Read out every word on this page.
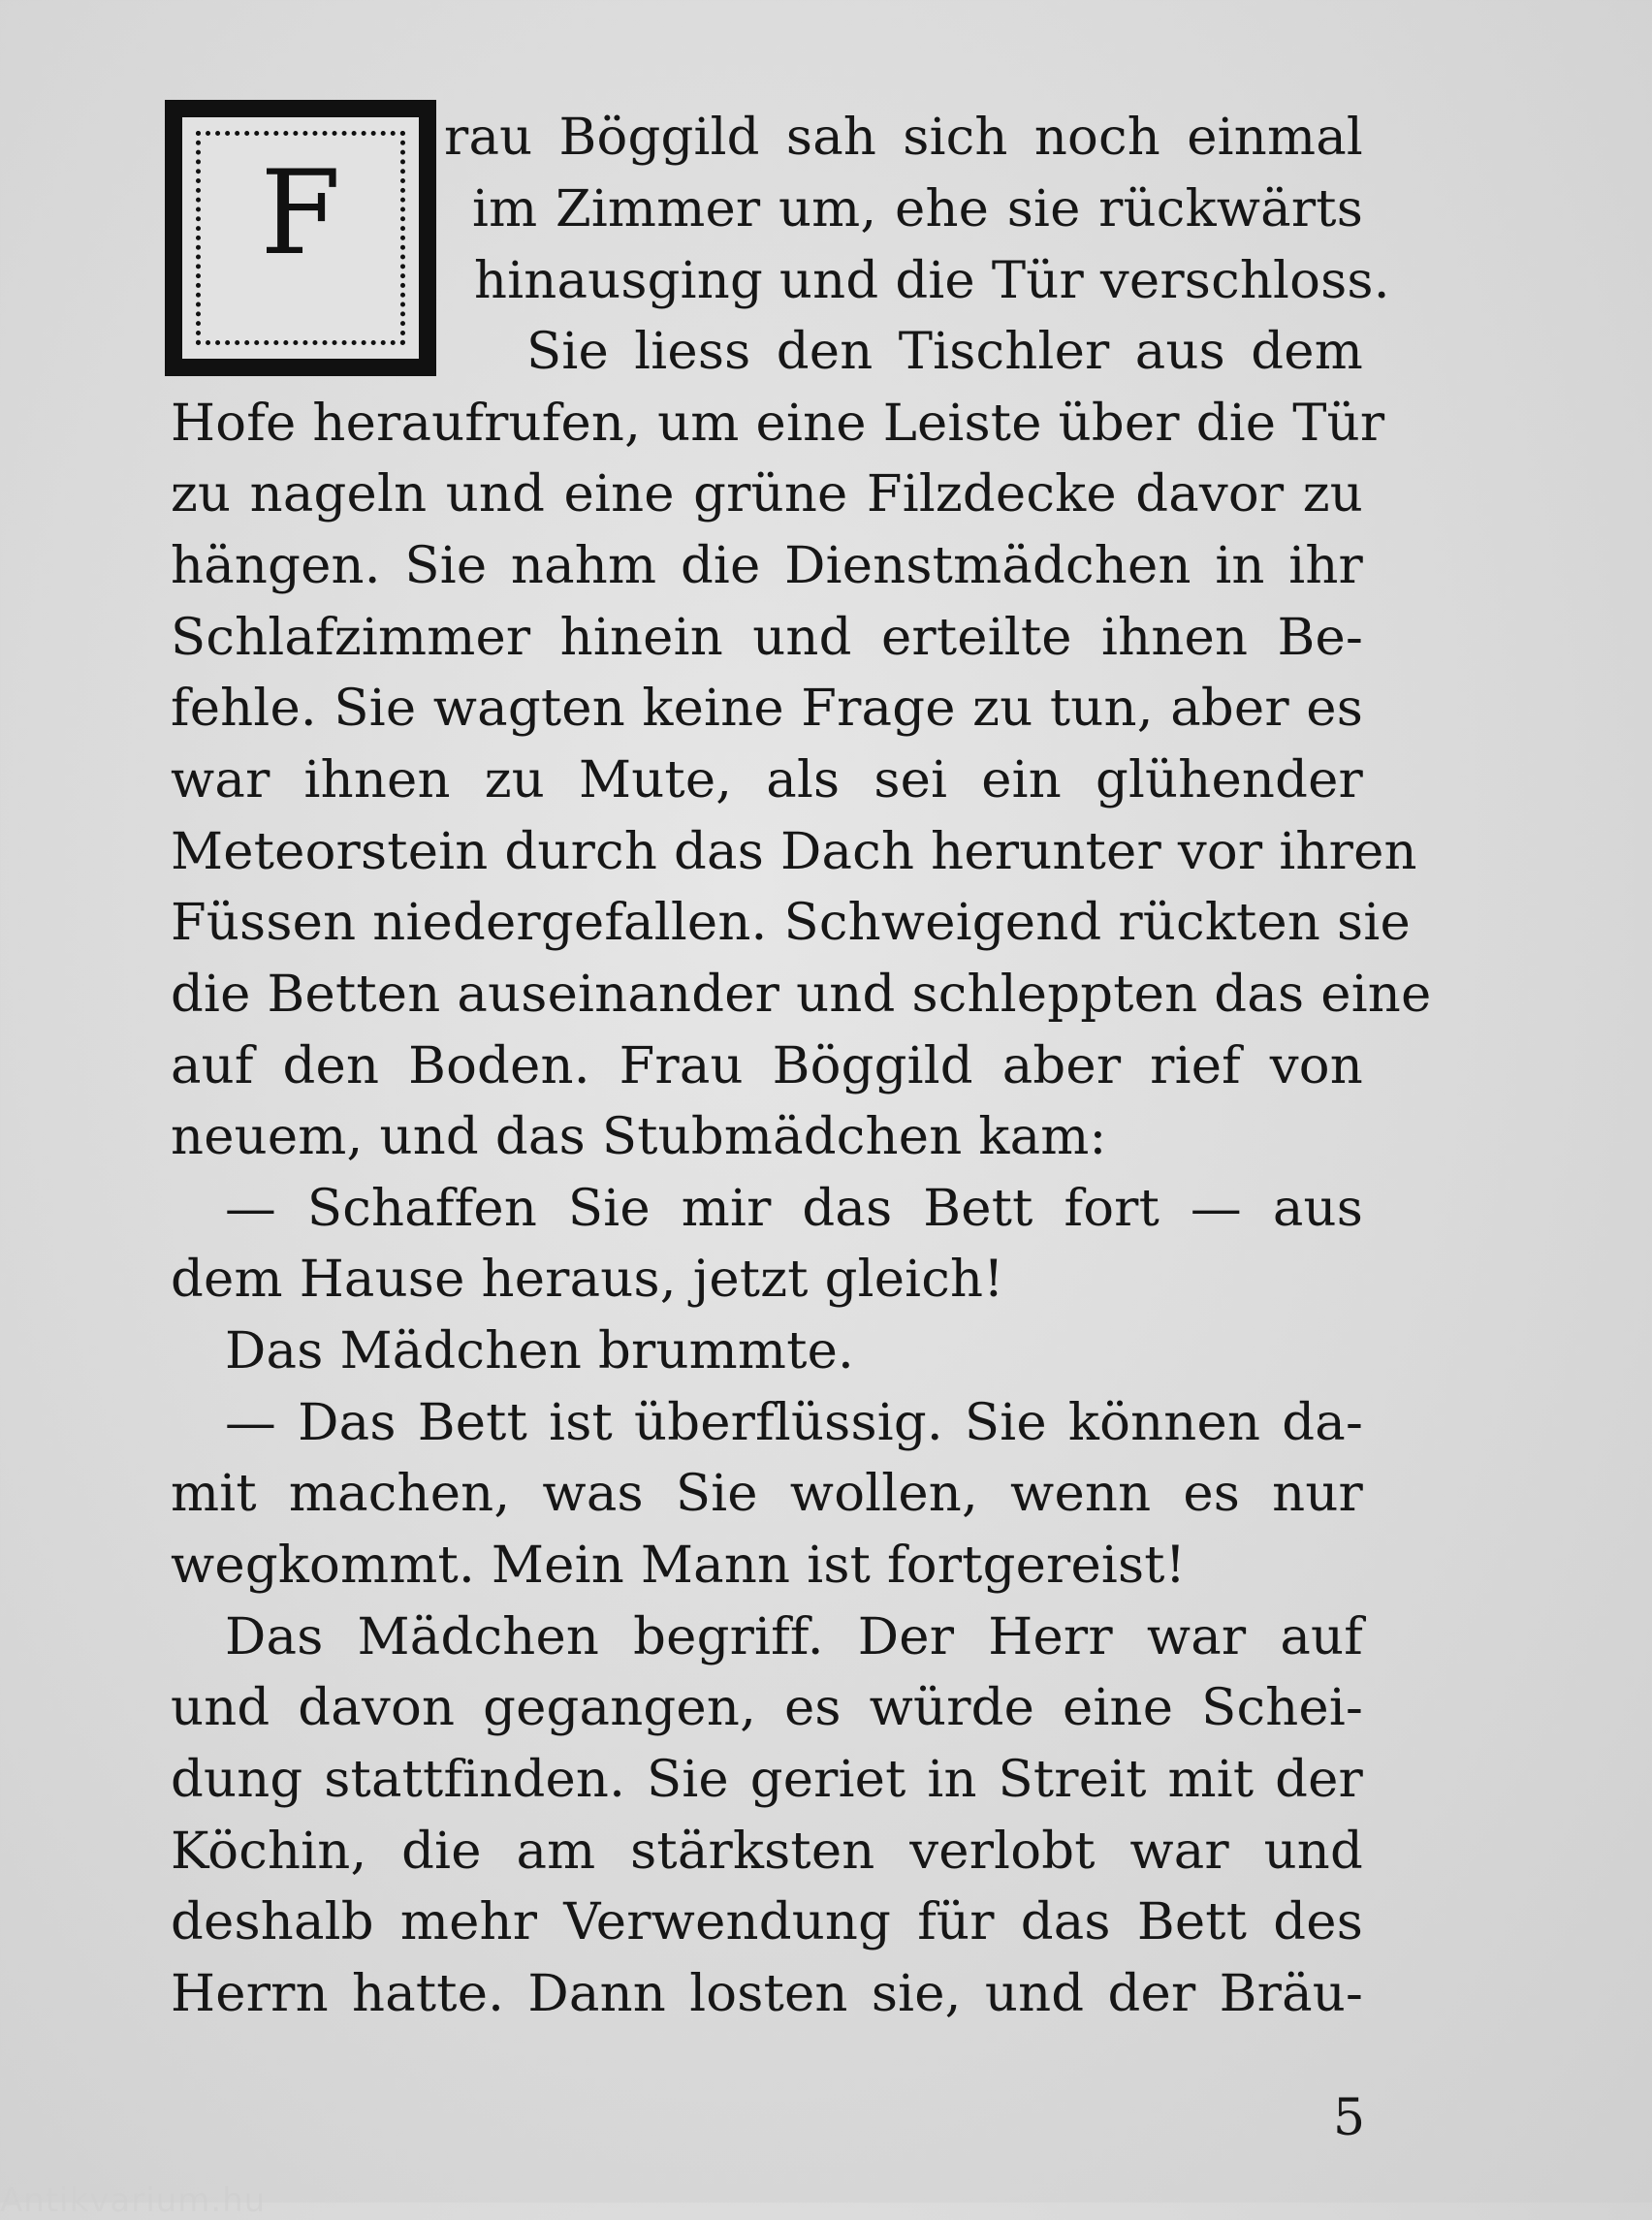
F
rau Böggild sah sich noch einmal
im Zimmer um, ehe sie rückwärts
hinausging und die Tür verschloss.
Sie liess den Tischler aus dem
Hofe heraufrufen, um eine Leiste über die Tür
zu nageln und eine grüne Filzdecke davor zu
hängen. Sie nahm die Dienstmädchen in ihr
Schlafzimmer hinein und erteilte ihnen Be-
fehle. Sie wagten keine Frage zu tun, aber es
war ihnen zu Mute, als sei ein glühender
Meteorstein durch das Dach herunter vor ihren
Füssen niedergefallen. Schweigend rückten sie
die Betten auseinander und schleppten das eine
auf den Boden. Frau Böggild aber rief von
neuem, und das Stubmädchen kam:
— Schaffen Sie mir das Bett fort — aus
dem Hause heraus, jetzt gleich!
Das Mädchen brummte.
— Das Bett ist überflüssig. Sie können da-
mit machen, was Sie wollen, wenn es nur
wegkommt. Mein Mann ist fortgereist!
Das Mädchen begriff. Der Herr war auf
und davon gegangen, es würde eine Schei-
dung stattfinden. Sie geriet in Streit mit der
Köchin, die am stärksten verlobt war und
deshalb mehr Verwendung für das Bett des
Herrn hatte. Dann losten sie, und der Bräu-
5
Antikvarium.hu
